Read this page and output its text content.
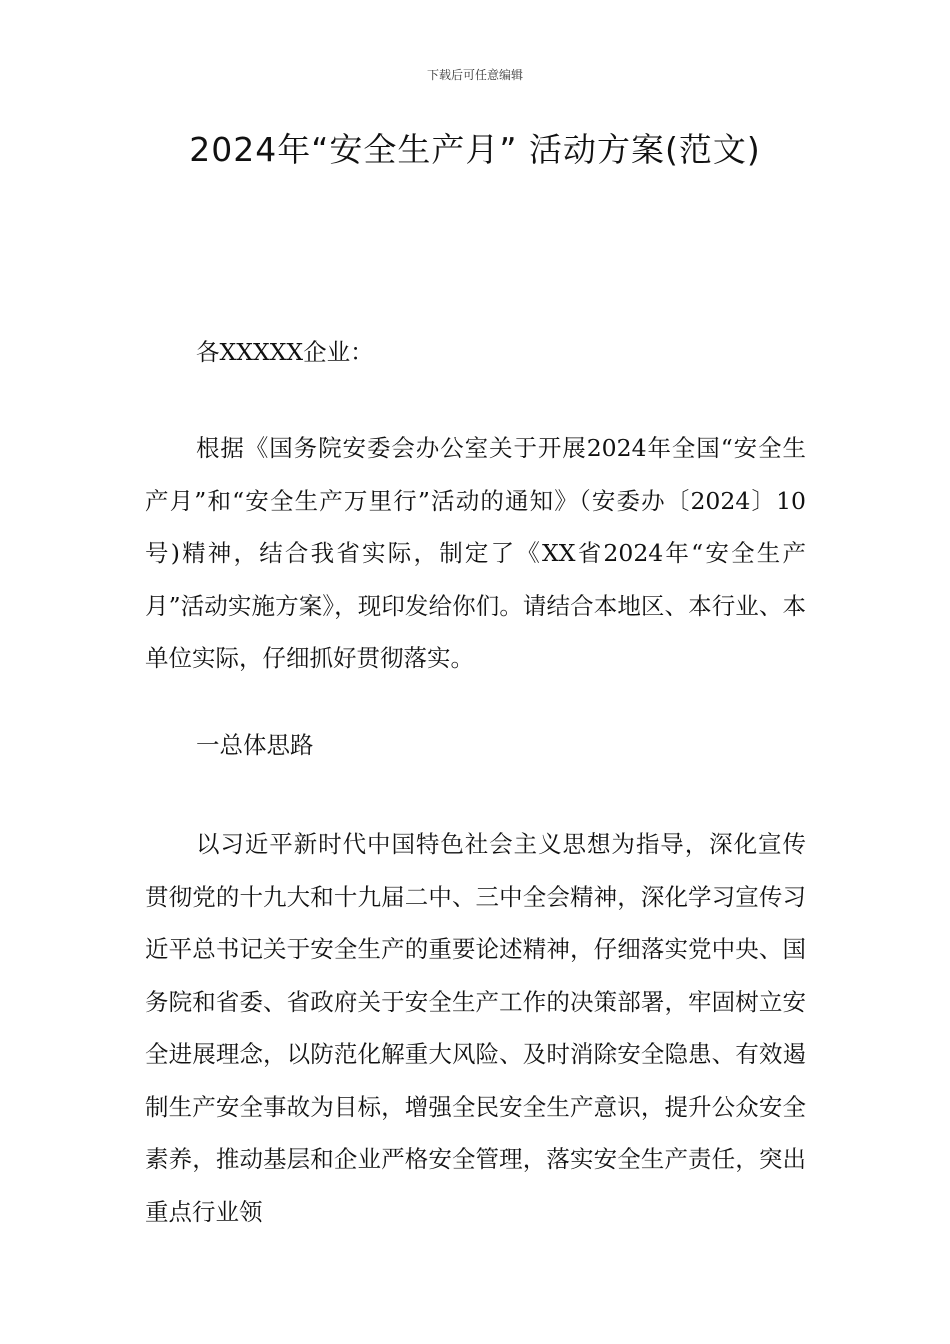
下载后可任意编辑
2024年“安全生产月” 活动方案(范文)
各XXXXX企业：

根据《国务院安委会办公室关于开展2024年全国“安全生产月”和“安全生产万里行”活动的通知》（安委办〔2024〕10号)精神，结合我省实际，制定了《XX省2024年“安全生产月”活动实施方案》，现印发给你们。请结合本地区、本行业、本单位实际，仔细抓好贯彻落实。

一总体思路

以习近平新时代中国特色社会主义思想为指导，深化宣传贯彻党的十九大和十九届二中、三中全会精神，深化学习宣传习近平总书记关于安全生产的重要论述精神，仔细落实党中央、国务院和省委、省政府关于安全生产工作的决策部署，牢固树立安全进展理念，以防范化解重大风险、及时消除安全隐患、有效遏制生产安全事故为目标，增强全民安全生产意识，提升公众安全素养，推动基层和企业严格安全管理，落实安全生产责任，突出重点行业领
